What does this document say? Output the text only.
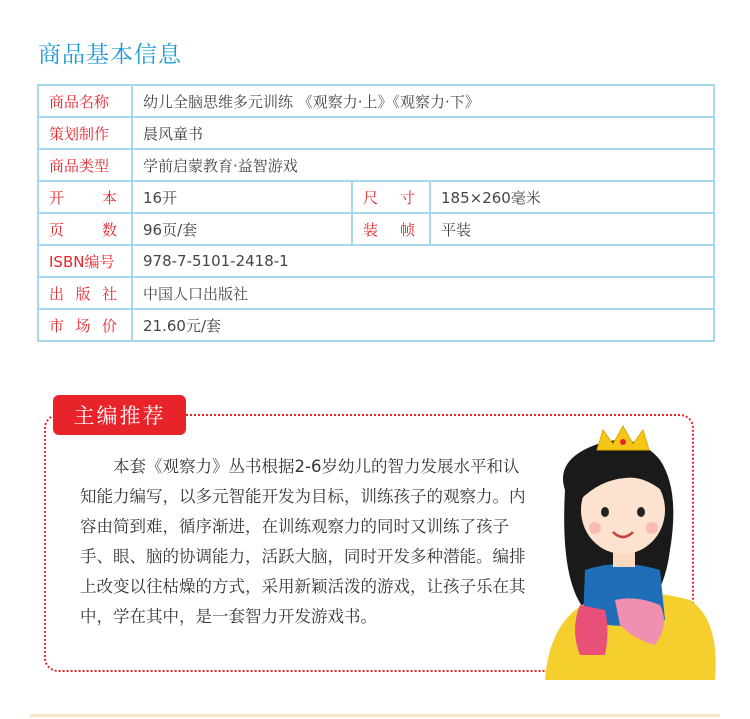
商品基本信息
商品名称	幼儿全脑思维多元训练 《观察力·上》《观察力·下》		
策划制作	晨风童书		
商品类型	学前启蒙教育·益智游戏		

开 本	16开	尺 寸	185×260毫米

页 数	96页/套	装 帧	平装
ISBN编号	978-7-5101-2418-1		

出 版 社	中国人口出版社		

市 场 价	21.60元/套		
主编推荐
本套《观察力》丛书根据2-6岁幼儿的智力发展水平和认知能力编写，以多元智能开发为目标，训练孩子的观察力。内容由简到难，循序渐进，在训练观察力的同时又训练了孩子手、眼、脑的协调能力，活跃大脑，同时开发多种潜能。编排上改变以往枯燥的方式，采用新颖活泼的游戏，让孩子乐在其中，学在其中，是一套智力开发游戏书。
